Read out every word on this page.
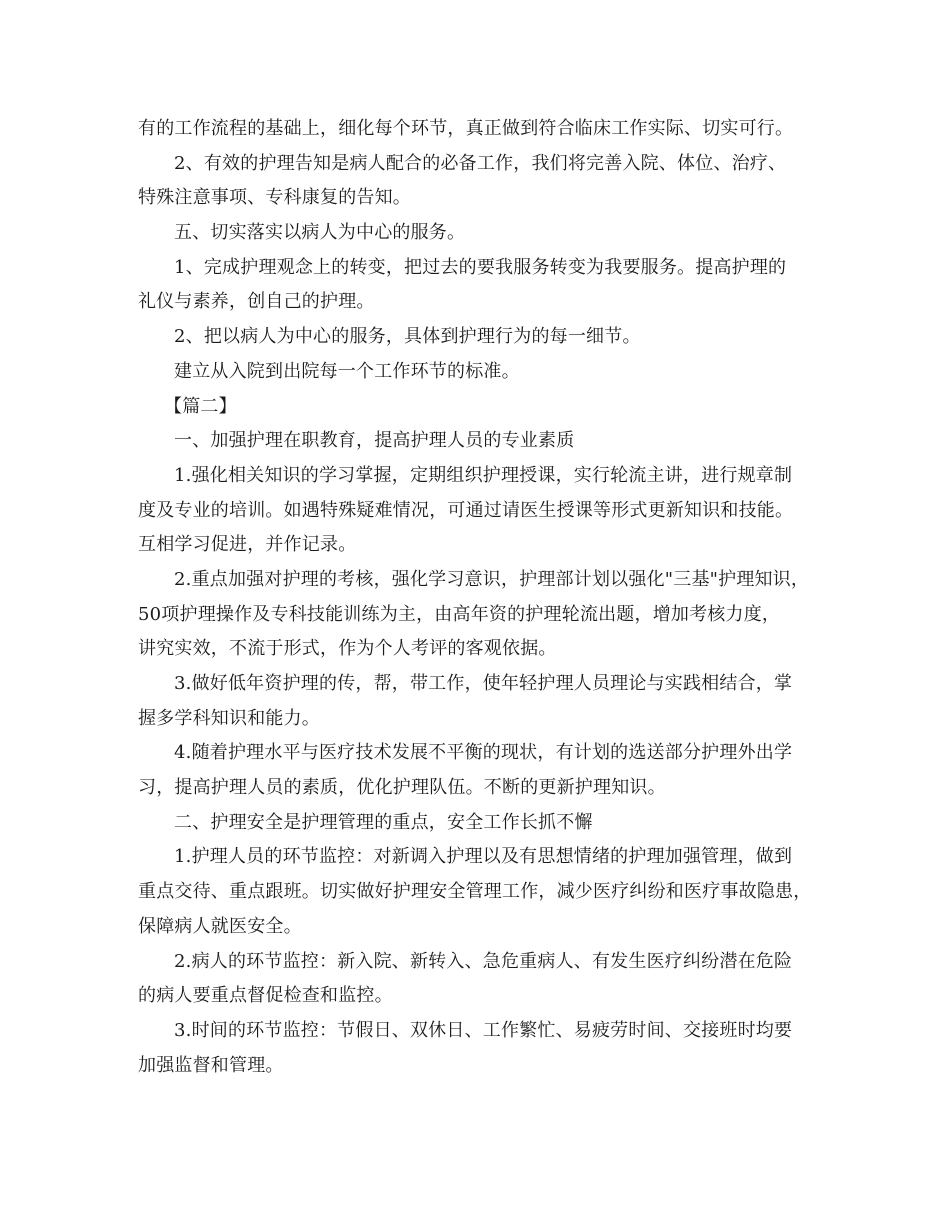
有的工作流程的基础上，细化每个环节，真正做到符合临床工作实际、切实可行。
2、有效的护理告知是病人配合的必备工作，我们将完善入院、体位、治疗、
特殊注意事项、专科康复的告知。
五、切实落实以病人为中心的服务。
1、完成护理观念上的转变，把过去的要我服务转变为我要服务。提高护理的
礼仪与素养，创自己的护理。
2、把以病人为中心的服务，具体到护理行为的每一细节。
建立从入院到出院每一个工作环节的标准。
【篇二】
一、加强护理在职教育，提高护理人员的专业素质
1.强化相关知识的学习掌握，定期组织护理授课，实行轮流主讲，进行规章制
度及专业的培训。如遇特殊疑难情况，可通过请医生授课等形式更新知识和技能。
互相学习促进，并作记录。
2.重点加强对护理的考核，强化学习意识，护理部计划以强化"三基"护理知识，
50项护理操作及专科技能训练为主，由高年资的护理轮流出题，增加考核力度，
讲究实效，不流于形式，作为个人考评的客观依据。
3.做好低年资护理的传，帮，带工作，使年轻护理人员理论与实践相结合，掌
握多学科知识和能力。
4.随着护理水平与医疗技术发展不平衡的现状，有计划的选送部分护理外出学
习，提高护理人员的素质，优化护理队伍。不断的更新护理知识。
二、护理安全是护理管理的重点，安全工作长抓不懈
1.护理人员的环节监控：对新调入护理以及有思想情绪的护理加强管理，做到
重点交待、重点跟班。切实做好护理安全管理工作，减少医疗纠纷和医疗事故隐患，
保障病人就医安全。
2.病人的环节监控：新入院、新转入、急危重病人、有发生医疗纠纷潜在危险
的病人要重点督促检查和监控。
3.时间的环节监控：节假日、双休日、工作繁忙、易疲劳时间、交接班时均要
加强监督和管理。
